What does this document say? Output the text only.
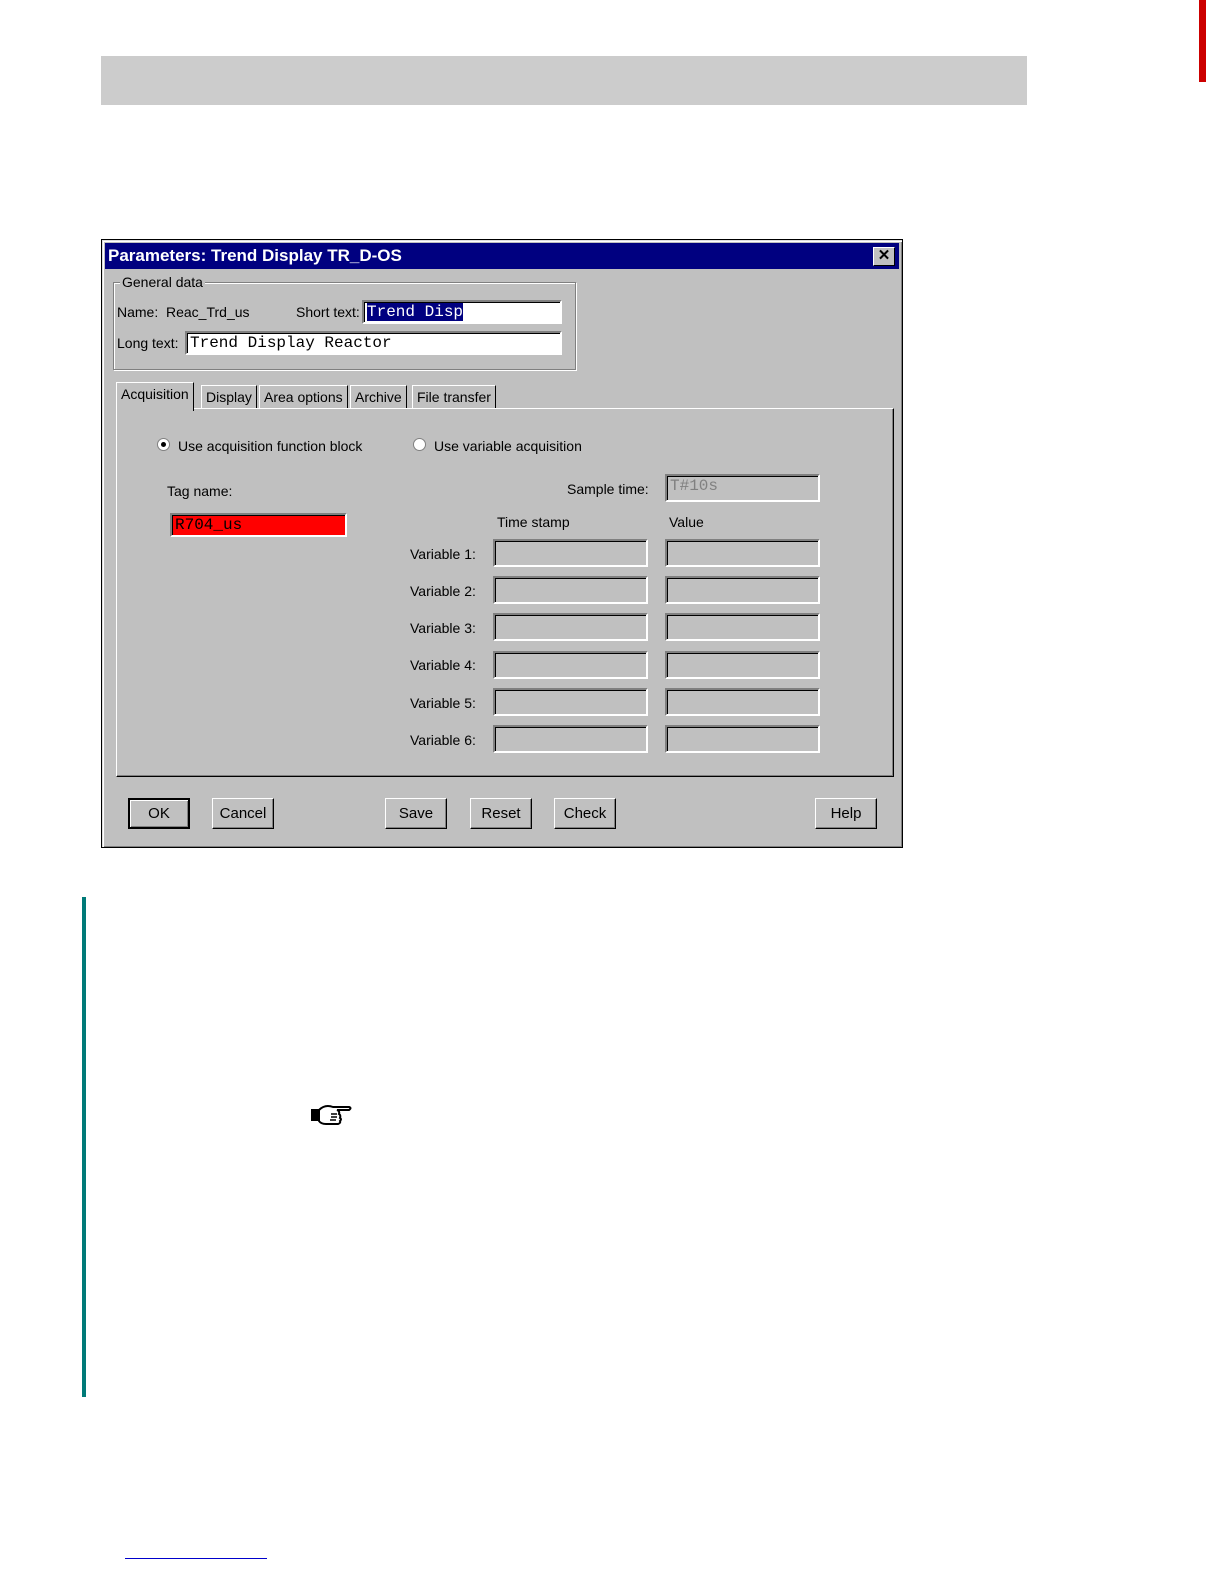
Parameters: Trend Display TR_D-OS	✕
General data
Name: Reac_Trd_us	Short text: Trend Disp
Long text: Trend Display Reactor
Acquisition	Display Area options Archive	File transfer
Use acquisition function block	Use variable acquisition
Tag name:
R704_us
Sample time:	T#10s
Time stamp	Value
Variable 1:
Variable 2:
Variable 3:
Variable 4:
Variable 5:
Variable 6:
OK	Cancel	Save	Reset	Check	Help
